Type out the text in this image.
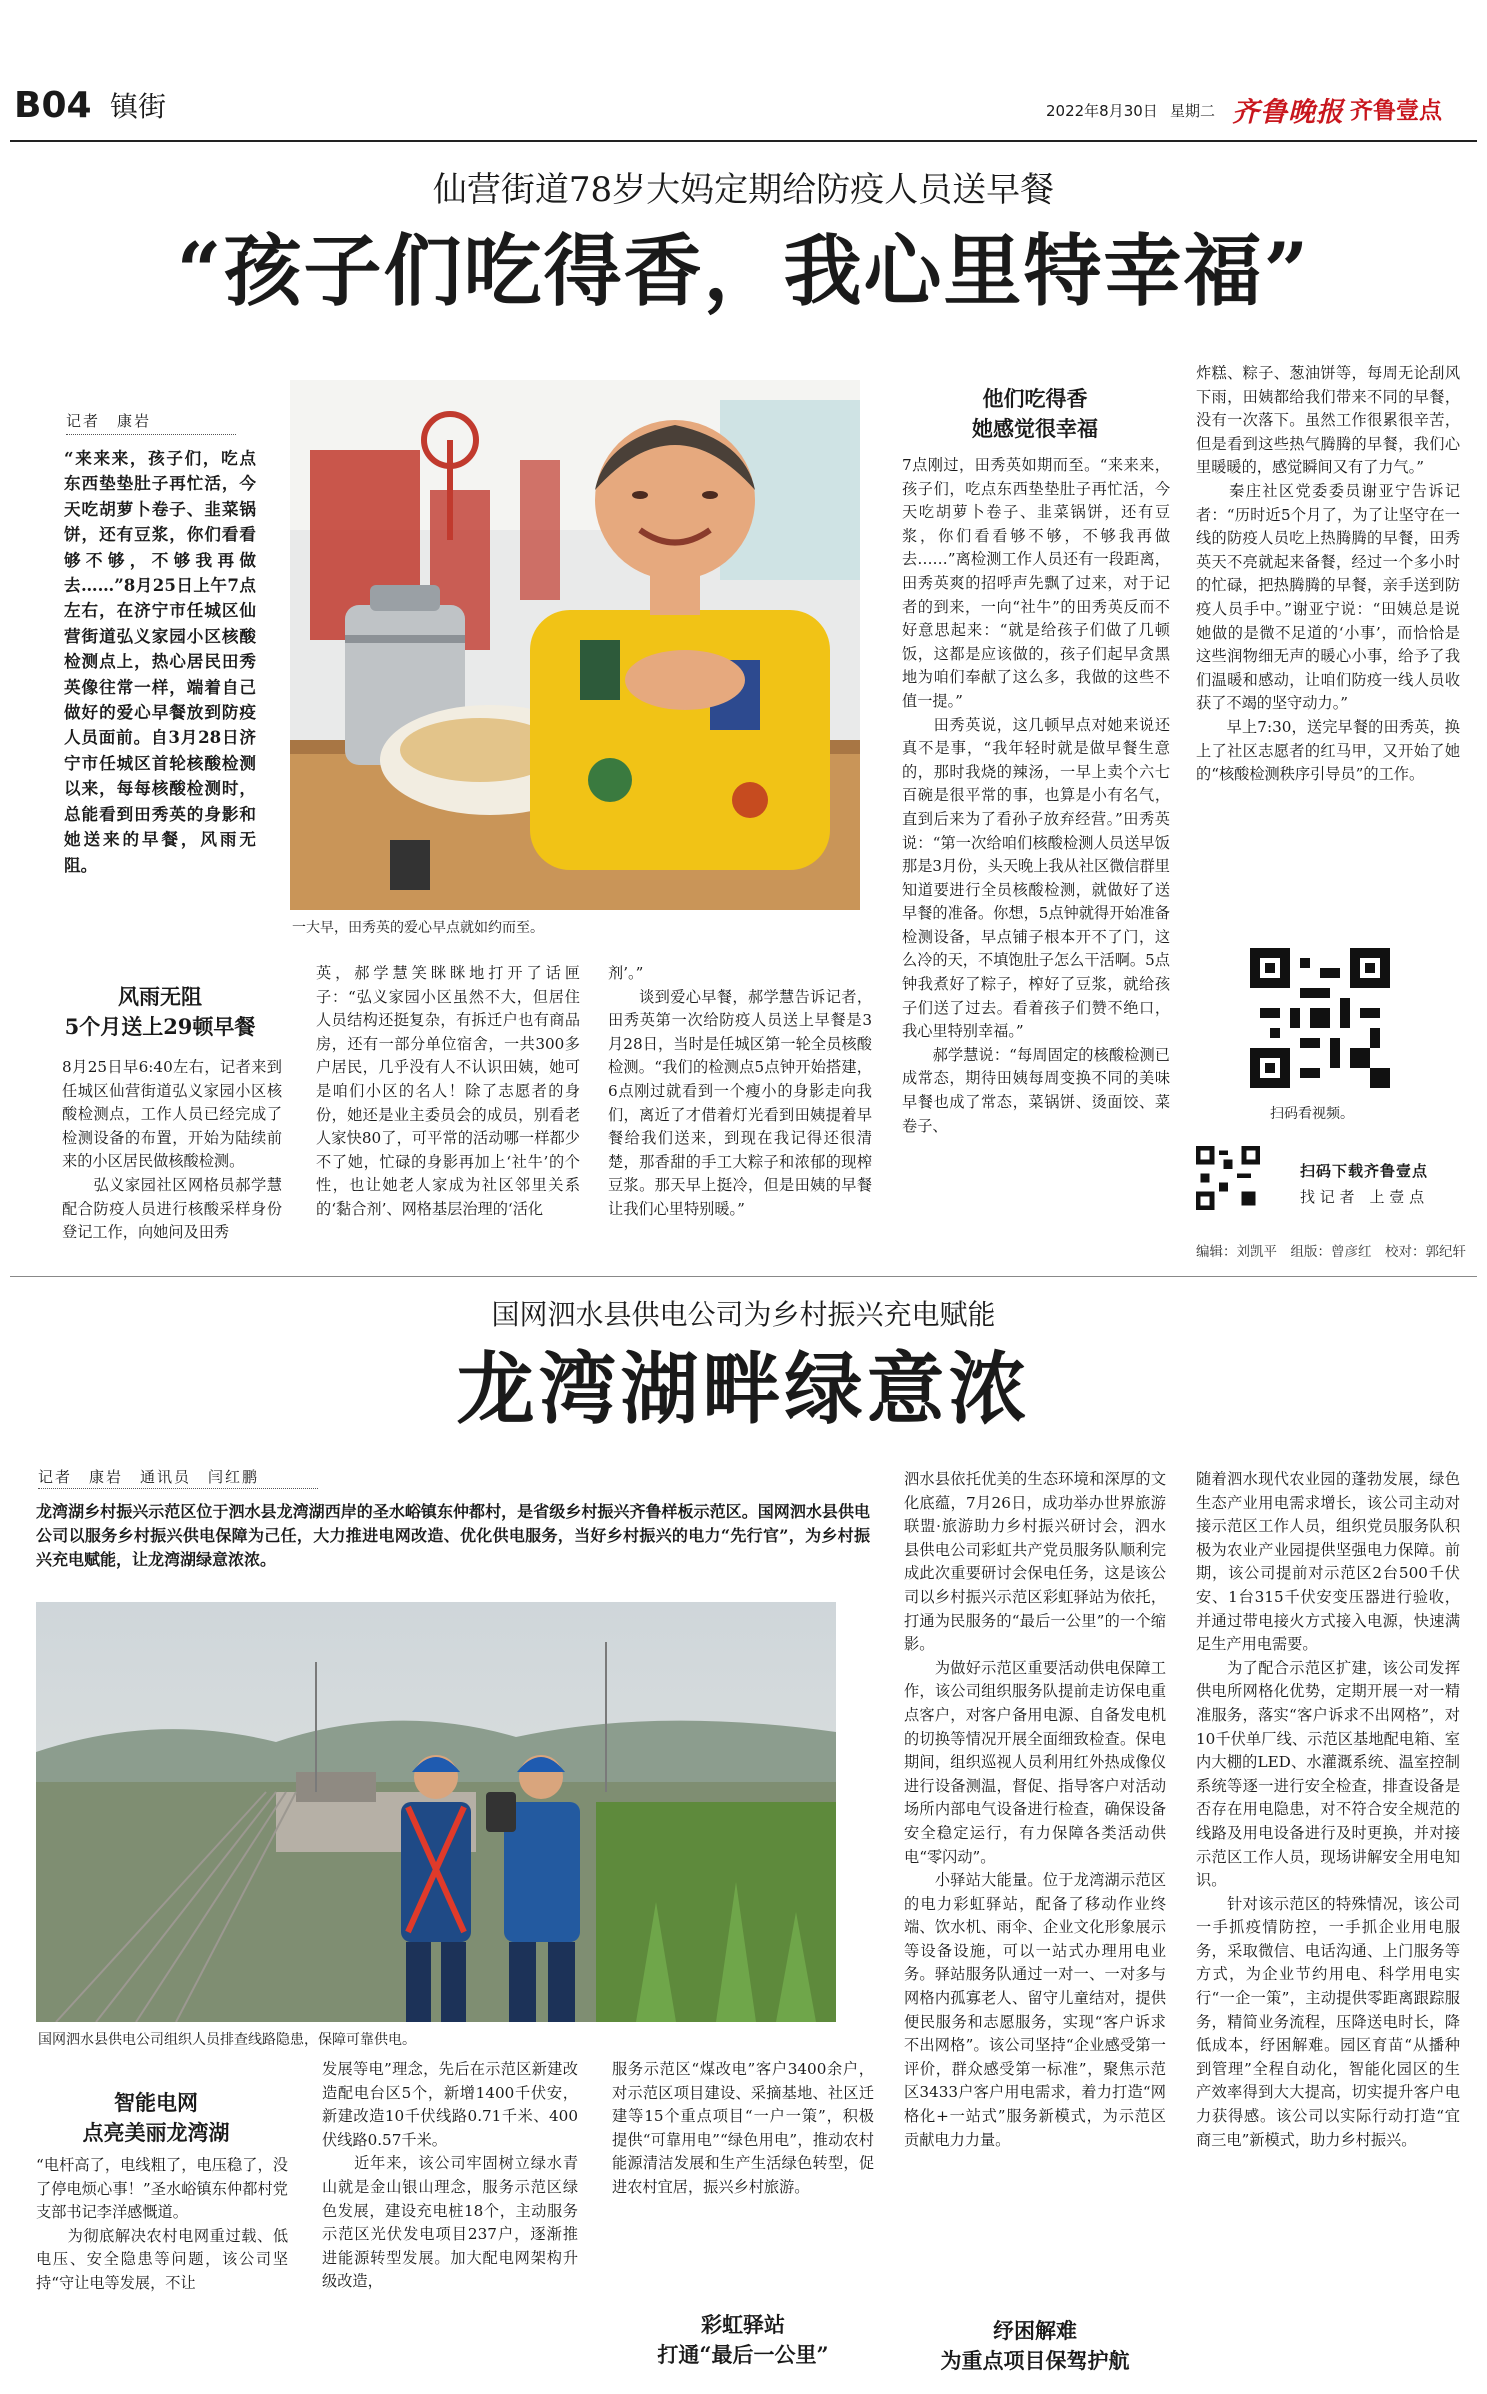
B04 镇街	2022年8月30日 星期二 齐鲁晚报 齐鲁壹点
仙营街道78岁大妈定期给防疫人员送早餐
“孩子们吃得香，我心里特幸福”
记者　康岩
“来来来，孩子们，吃点东西垫垫肚子再忙活，今天吃胡萝卜卷子、韭菜锅饼，还有豆浆，你们看看够不够，不够我再做去……”8月25日上午7点左右，在济宁市任城区仙营街道弘义家园小区核酸检测点上，热心居民田秀英像往常一样，端着自己做好的爱心早餐放到防疫人员面前。自3月28日济宁市任城区首轮核酸检测以来，每每核酸检测时，总能看到田秀英的身影和她送来的早餐，风雨无阻。
一大早，田秀英的爱心早点就如约而至。
风雨无阻
5个月送上29顿早餐
8月25日早6:40左右，记者来到任城区仙营街道弘义家园小区核酸检测点，工作人员已经完成了检测设备的布置，开始为陆续前来的小区居民做核酸检测。
　　弘义家园社区网格员郝学慧配合防疫人员进行核酸采样身份登记工作，向她问及田秀
英，郝学慧笑眯眯地打开了话匣子：“弘义家园小区虽然不大，但居住人员结构还挺复杂，有拆迁户也有商品房，还有一部分单位宿舍，一共300多户居民，几乎没有人不认识田姨，她可是咱们小区的名人！除了志愿者的身份，她还是业主委员会的成员，别看老人家快80了，可平常的活动哪一样都少不了她，忙碌的身影再加上‘社牛’的个性，也让她老人家成为社区邻里关系的‘黏合剂’、网格基层治理的‘活化
剂’。”
　　谈到爱心早餐，郝学慧告诉记者，田秀英第一次给防疫人员送上早餐是3月28日，当时是任城区第一轮全员核酸检测。“我们的检测点5点钟开始搭建，6点刚过就看到一个瘦小的身影走向我们，离近了才借着灯光看到田姨提着早餐给我们送来，到现在我记得还很清楚，那香甜的手工大粽子和浓郁的现榨豆浆。那天早上挺冷，但是田姨的早餐让我们心里特别暖。”
他们吃得香
她感觉很幸福
7点刚过，田秀英如期而至。“来来来，孩子们，吃点东西垫垫肚子再忙活，今天吃胡萝卜卷子、韭菜锅饼，还有豆浆，你们看看够不够，不够我再做去……”离检测工作人员还有一段距离，田秀英爽的招呼声先飘了过来，对于记者的到来，一向“社牛”的田秀英反而不好意思起来：“就是给孩子们做了几顿饭，这都是应该做的，孩子们起早贪黑地为咱们奉献了这么多，我做的这些不值一提。”
　　田秀英说，这几顿早点对她来说还真不是事，“我年轻时就是做早餐生意的，那时我烧的辣汤，一早上卖个六七百碗是很平常的事，也算是小有名气，直到后来为了看孙子放弃经营。”田秀英说：“第一次给咱们核酸检测人员送早饭那是3月份，头天晚上我从社区微信群里知道要进行全员核酸检测，就做好了送早餐的准备。你想，5点钟就得开始准备检测设备，早点铺子根本开不了门，这么冷的天，不填饱肚子怎么干活啊。5点钟我煮好了粽子，榨好了豆浆，就给孩子们送了过去。看着孩子们赞不绝口，我心里特别幸福。”
　　郝学慧说：“每周固定的核酸检测已成常态，期待田姨每周变换不同的美味早餐也成了常态，菜锅饼、烫面饺、菜卷子、
炸糕、粽子、葱油饼等，每周无论刮风下雨，田姨都给我们带来不同的早餐，没有一次落下。虽然工作很累很辛苦，但是看到这些热气腾腾的早餐，我们心里暖暖的，感觉瞬间又有了力气。”
　　秦庄社区党委委员谢亚宁告诉记者：“历时近5个月了，为了让坚守在一线的防疫人员吃上热腾腾的早餐，田秀英天不亮就起来备餐，经过一个多小时的忙碌，把热腾腾的早餐，亲手送到防疫人员手中。”谢亚宁说：“田姨总是说她做的是微不足道的‘小事’，而恰恰是这些润物细无声的暖心小事，给予了我们温暖和感动，让咱们防疫一线人员收获了不竭的坚守动力。”
　　早上7:30，送完早餐的田秀英，换上了社区志愿者的红马甲，又开始了她的“核酸检测秩序引导员”的工作。
扫码看视频。
扫码下载齐鲁壹点
找 记 者　上 壹 点
编辑：刘凯平　组版：曾彦红　校对：郭纪轩
国网泗水县供电公司为乡村振兴充电赋能
龙湾湖畔绿意浓
记者　康岩　通讯员　闫红鹏
龙湾湖乡村振兴示范区位于泗水县龙湾湖西岸的圣水峪镇东仲都村，是省级乡村振兴齐鲁样板示范区。国网泗水县供电公司以服务乡村振兴供电保障为己任，大力推进电网改造、优化供电服务，当好乡村振兴的电力“先行官”，为乡村振兴充电赋能，让龙湾湖绿意浓浓。
国网泗水县供电公司组织人员排查线路隐患，保障可靠供电。
智能电网
点亮美丽龙湾湖
“电杆高了，电线粗了，电压稳了，没了停电烦心事！”圣水峪镇东仲都村党支部书记李洋感慨道。
　　为彻底解决农村电网重过载、低电压、安全隐患等问题，该公司坚持“守让电等发展，不让
发展等电”理念，先后在示范区新建改造配电台区5个，新增1400千伏安，新建改造10千伏线路0.71千米、400伏线路0.57千米。
　　近年来，该公司牢固树立绿水青山就是金山银山理念，服务示范区绿色发展，建设充电桩18个，主动服务示范区光伏发电项目237户，逐渐推进能源转型发展。加大配电网架构升级改造，
服务示范区“煤改电”客户3400余户，对示范区项目建设、采摘基地、社区迁建等15个重点项目“一户一策”，积极提供“可靠用电”“绿色用电”，推动农村能源清洁发展和生产生活绿色转型，促进农村宜居，振兴乡村旅游。
彩虹驿站
打通“最后一公里”
泗水县依托优美的生态环境和深厚的文化底蕴，7月26日，成功举办世界旅游联盟·旅游助力乡村振兴研讨会，泗水县供电公司彩虹共产党员服务队顺利完成此次重要研讨会保电任务，这是该公司以乡村振兴示范区彩虹驿站为依托，打通为民服务的“最后一公里”的一个缩影。
　　为做好示范区重要活动供电保障工作，该公司组织服务队提前走访保电重点客户，对客户备用电源、自备发电机的切换等情况开展全面细致检查。保电期间，组织巡视人员利用红外热成像仪进行设备测温，督促、指导客户对活动场所内部电气设备进行检查，确保设备安全稳定运行，有力保障各类活动供电“零闪动”。
　　小驿站大能量。位于龙湾湖示范区的电力彩虹驿站，配备了移动作业终端、饮水机、雨伞、企业文化形象展示等设备设施，可以一站式办理用电业务。驿站服务队通过一对一、一对多与网格内孤寡老人、留守儿童结对，提供便民服务和志愿服务，实现“客户诉求不出网格”。该公司坚持“企业感受第一评价，群众感受第一标准”，聚焦示范区3433户客户用电需求，着力打造“网格化+一站式”服务新模式，为示范区贡献电力力量。
纾困解难
为重点项目保驾护航
随着泗水现代农业园的蓬勃发展，绿色生态产业用电需求增长，该公司主动对接示范区工作人员，组织党员服务队积极为农业产业园提供坚强电力保障。前期，该公司提前对示范区2台500千伏安、1台315千伏安变压器进行验收，并通过带电接火方式接入电源，快速满足生产用电需要。
　　为了配合示范区扩建，该公司发挥供电所网格化优势，定期开展一对一精准服务，落实“客户诉求不出网格”，对10千伏单厂线、示范区基地配电箱、室内大棚的LED、水灌溉系统、温室控制系统等逐一进行安全检查，排查设备是否存在用电隐患，对不符合安全规范的线路及用电设备进行及时更换，并对接示范区工作人员，现场讲解安全用电知识。
　　针对该示范区的特殊情况，该公司一手抓疫情防控，一手抓企业用电服务，采取微信、电话沟通、上门服务等方式，为企业节约用电、科学用电实行“一企一策”，主动提供零距离跟踪服务，精简业务流程，压降送电时长，降低成本，纾困解难。园区育苗“从播种到管理”全程自动化，智能化园区的生产效率得到大大提高，切实提升客户电力获得感。该公司以实际行动打造“宜商三电”新模式，助力乡村振兴。
